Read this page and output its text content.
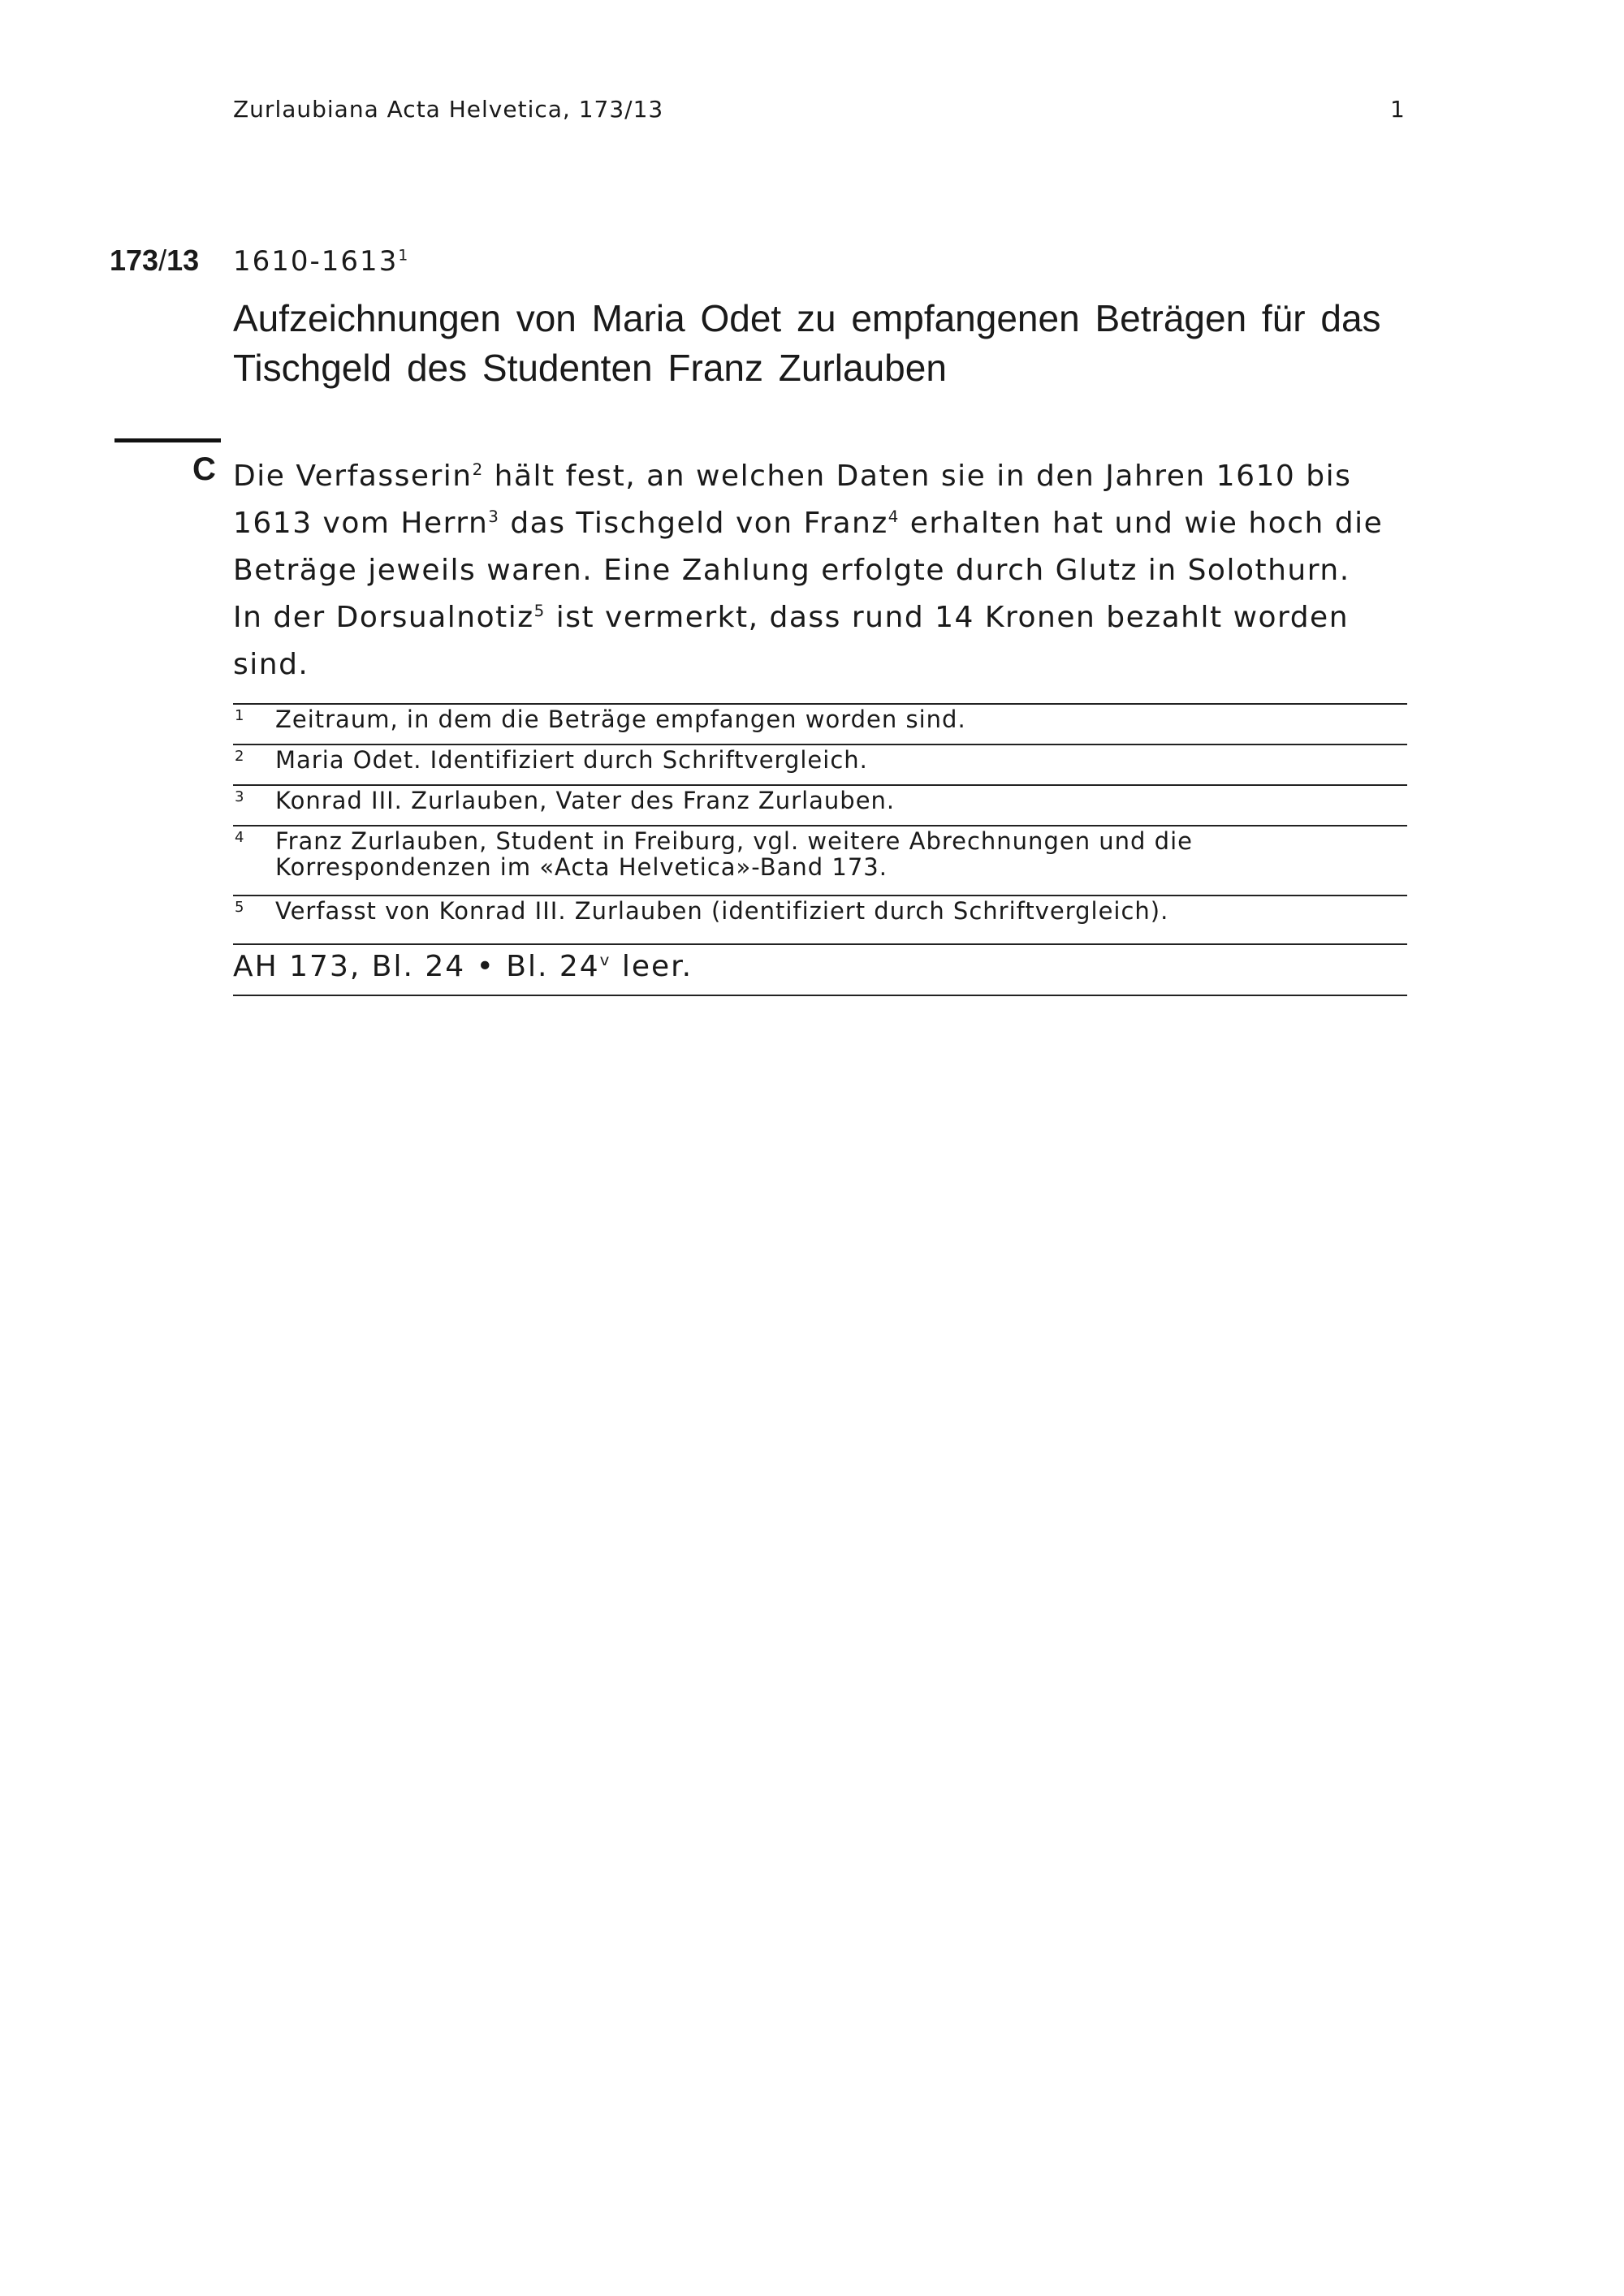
Zurlaubiana Acta Helvetica, 173/13	1
173/13 1610-1613$^1$
Aufzeichnungen von Maria Odet zu empfangenen Beträgen für das Tischgeld des Studenten Franz Zurlauben
C Die Verfasserin$^2$ hält fest, an welchen Daten sie in den Jahren 1610 bis 1613 vom Herrn$^3$ das Tischgeld von Franz$^4$ erhalten hat und wie hoch die Beträge jeweils waren. Eine Zahlung erfolgte durch Glutz in Solothurn.

In der Dorsualnotiz$^5$ ist vermerkt, dass rund 14 Kronen bezahlt worden sind.

1	Zeitraum, in dem die Beträge empfangen worden sind.
2	Maria Odet. Identifiziert durch Schriftvergleich.
3	Konrad III. Zurlauben, Vater des Franz Zurlauben.
4	Franz Zurlauben, Student in Freiburg, vgl. weitere Abrechnungen und die Korrespondenzen im «Acta Helvetica»-Band 173.
5	Verfasst von Konrad III. Zurlauben (identifiziert durch Schriftvergleich).
AH 173, Bl. 24 • Bl. 24$^v$ leer.
